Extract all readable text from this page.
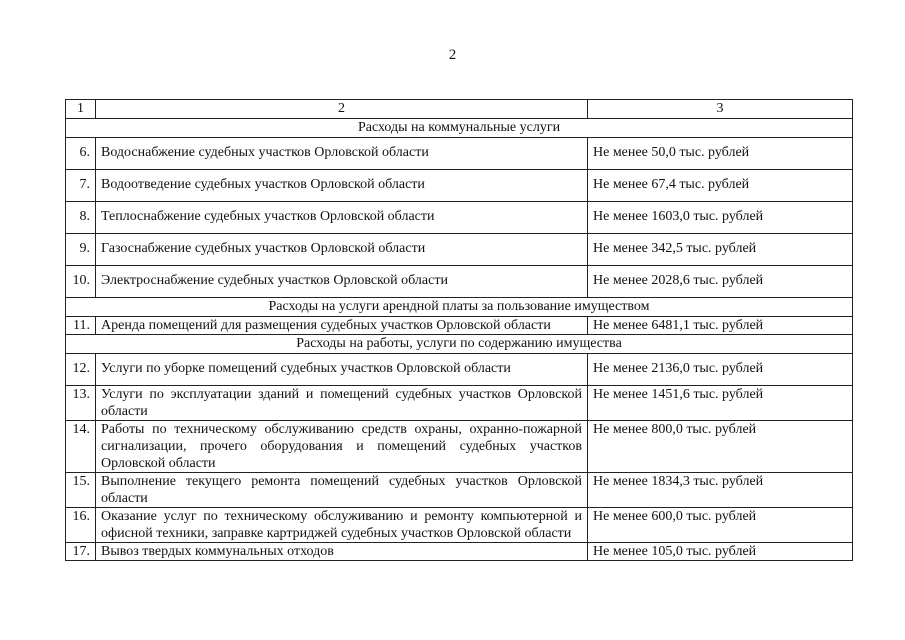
2
1	2	3
Расходы на коммунальные услуги		
6.	Водоснабжение судебных участков Орловской области	Не менее 50,0 тыс. рублей
7.	Водоотведение судебных участков Орловской области	Не менее 67,4 тыс. рублей
8.	Теплоснабжение судебных участков Орловской области	Не менее 1603,0 тыс. рублей
9.	Газоснабжение судебных участков Орловской области	Не менее 342,5 тыс. рублей
10.	Электроснабжение судебных участков Орловской области	Не менее 2028,6 тыс. рублей
Расходы на услуги арендной платы за пользование имуществом		
11.	Аренда помещений для размещения судебных участков Орловской области	Не менее 6481,1 тыс. рублей
Расходы на работы, услуги по содержанию имущества		
12.	Услуги по уборке помещений судебных участков Орловской области	Не менее 2136,0 тыс. рублей
13.	Услуги по эксплуатации зданий и помещений судебных участков Орловской области	Не менее 1451,6 тыс. рублей
14.	Работы по техническому обслуживанию средств охраны, охранно-пожарной сигнализации, прочего оборудования и помещений судебных участков Орловской области	Не менее 800,0 тыс. рублей
15.	Выполнение текущего ремонта помещений судебных участков Орловской области	Не менее 1834,3 тыс. рублей
16.	Оказание услуг по техническому обслуживанию и ремонту компьютерной и офисной техники, заправке картриджей судебных участков Орловской области	Не менее 600,0 тыс. рублей
17.	Вывоз твердых коммунальных отходов	Не менее 105,0 тыс. рублей
